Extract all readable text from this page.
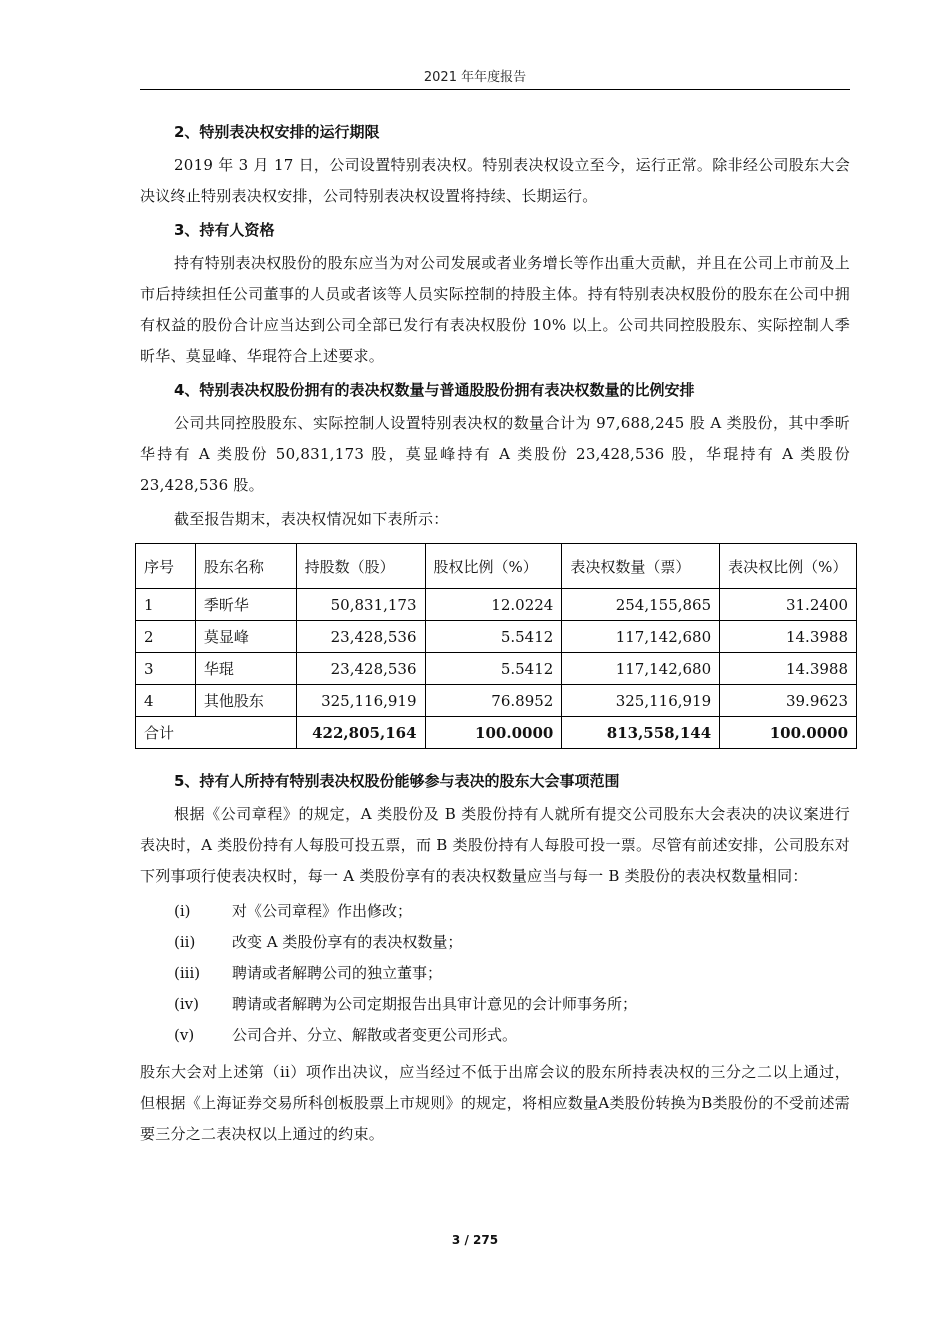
2021 年年度报告
2、特别表决权安排的运行期限

2019 年 3 月 17 日，公司设置特别表决权。特别表决权设立至今，运行正常。除非经公司股东大会决议终止特别表决权安排，公司特别表决权设置将持续、长期运行。

3、持有人资格

持有特别表决权股份的股东应当为对公司发展或者业务增长等作出重大贡献，并且在公司上市前及上市后持续担任公司董事的人员或者该等人员实际控制的持股主体。持有特别表决权股份的股东在公司中拥有权益的股份合计应当达到公司全部已发行有表决权股份 10% 以上。公司共同控股股东、实际控制人季昕华、莫显峰、华琨符合上述要求。

4、特别表决权股份拥有的表决权数量与普通股股份拥有表决权数量的比例安排

公司共同控股股东、实际控制人设置特别表决权的数量合计为 97,688,245 股 A 类股份，其中季昕华持有 A 类股份 50,831,173 股，莫显峰持有 A 类股份 23,428,536 股，华琨持有 A 类股份 23,428,536 股。

截至报告期末，表决权情况如下表所示：

序号	股东名称	持股数（股）	股权比例（%）	表决权数量（票）	表决权比例（%）
1	季昕华	50,831,173	12.0224	254,155,865	31.2400
2	莫显峰	23,428,536	5.5412	117,142,680	14.3988
3	华琨	23,428,536	5.5412	117,142,680	14.3988
4	其他股东	325,116,919	76.8952	325,116,919	39.9623
合计		422,805,164	100.0000	813,558,144	100.0000
5、持有人所持有特别表决权股份能够参与表决的股东大会事项范围

根据《公司章程》的规定，A 类股份及 B 类股份持有人就所有提交公司股东大会表决的决议案进行表决时，A 类股份持有人每股可投五票，而 B 类股份持有人每股可投一票。尽管有前述安排，公司股东对下列事项行使表决权时，每一 A 类股份享有的表决权数量应当与每一 B 类股份的表决权数量相同：

(i)	对《公司章程》作出修改；
(ii) 改变 A 类股份享有的表决权数量；
(iii) 聘请或者解聘公司的独立董事；
(iv) 聘请或者解聘为公司定期报告出具审计意见的会计师事务所；
(v)	公司合并、分立、解散或者变更公司形式。

股东大会对上述第（ii）项作出决议，应当经过不低于出席会议的股东所持表决权的三分之二以上通过，但根据《上海证券交易所科创板股票上市规则》的规定，将相应数量A类股份转换为B类股份的不受前述需要三分之二表决权以上通过的约束。

3 / 275
